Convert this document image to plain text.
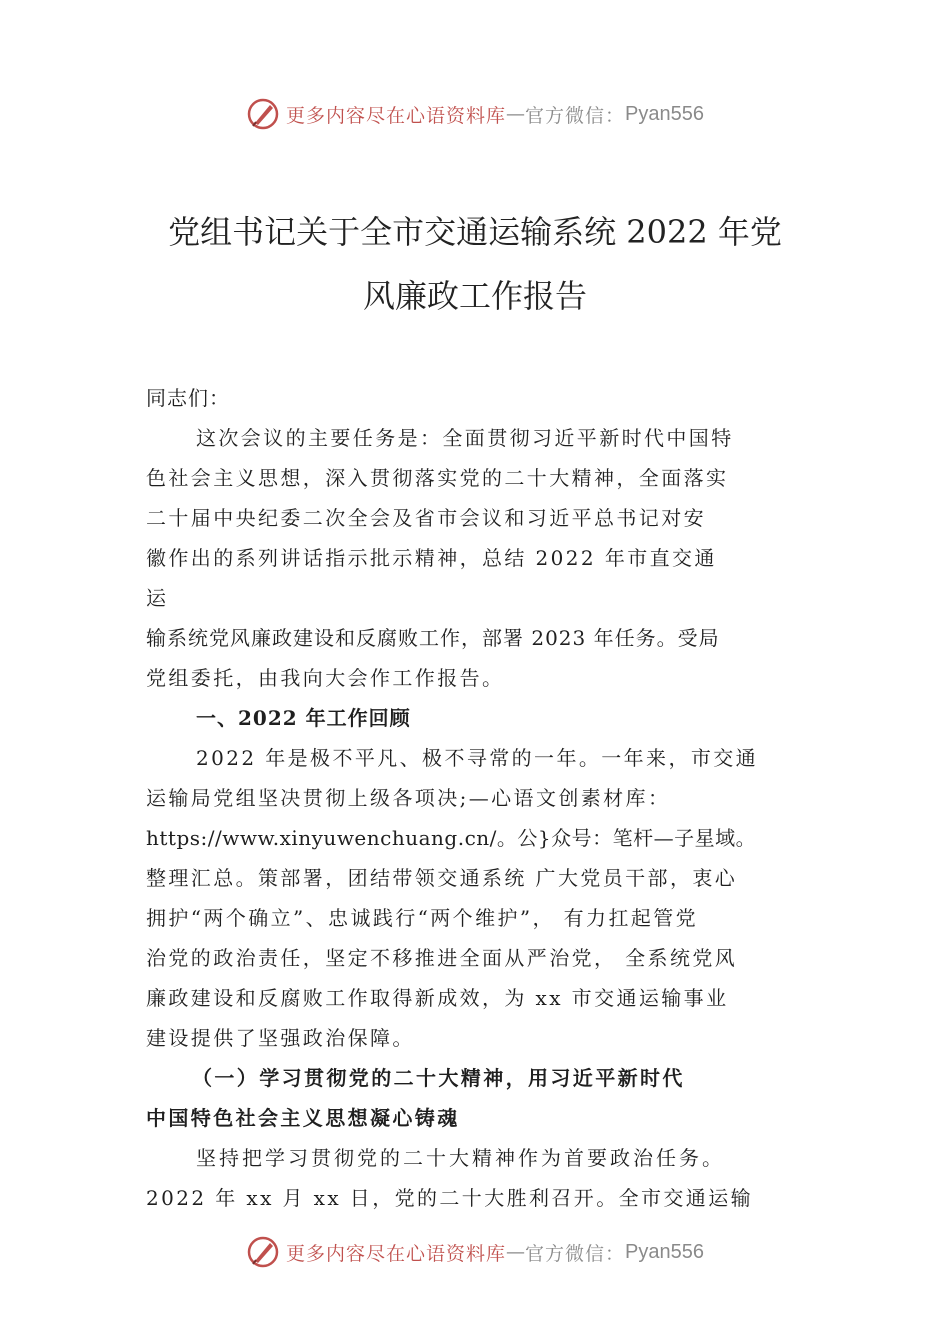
更多内容尽在心语资料库 — 官方微信： Pyan556
党组书记关于全市交通运输系统 2022 年党
风廉政工作报告
同志们：
这次会议的主要任务是：全面贯彻习近平新时代中国特
色社会主义思想，深入贯彻落实党的二十大精神，全面落实
二十届中央纪委二次全会及省市会议和习近平总书记对安
徽作出的系列讲话指示批示精神，总结 2022 年市直交通
运
输系统党风廉政建设和反腐败工作，部署 2023 年任务。受局
党组委托，由我向大会作工作报告。
一、2022 年工作回顾
2022 年是极不平凡、极不寻常的一年。一年来，市交通
运输局党组坚决贯彻上级各项决;—心语文创素材库：
https://www.xinyuwenchuang.cn/。公}众号：笔杆—子星域。
整理汇总。策部署，团结带领交通系统 广大党员干部，衷心
拥护“两个确立”、忠诚践行“两个维护”， 有力扛起管党
治党的政治责任，坚定不移推进全面从严治党， 全系统党风
廉政建设和反腐败工作取得新成效，为 xx 市交通运输事业
建设提供了坚强政治保障。
（一）学习贯彻党的二十大精神，用习近平新时代
中国特色社会主义思想凝心铸魂
坚持把学习贯彻党的二十大精神作为首要政治任务。
2022 年 xx 月 xx 日，党的二十大胜利召开。全市交通运输
更多内容尽在心语资料库 — 官方微信： Pyan556
